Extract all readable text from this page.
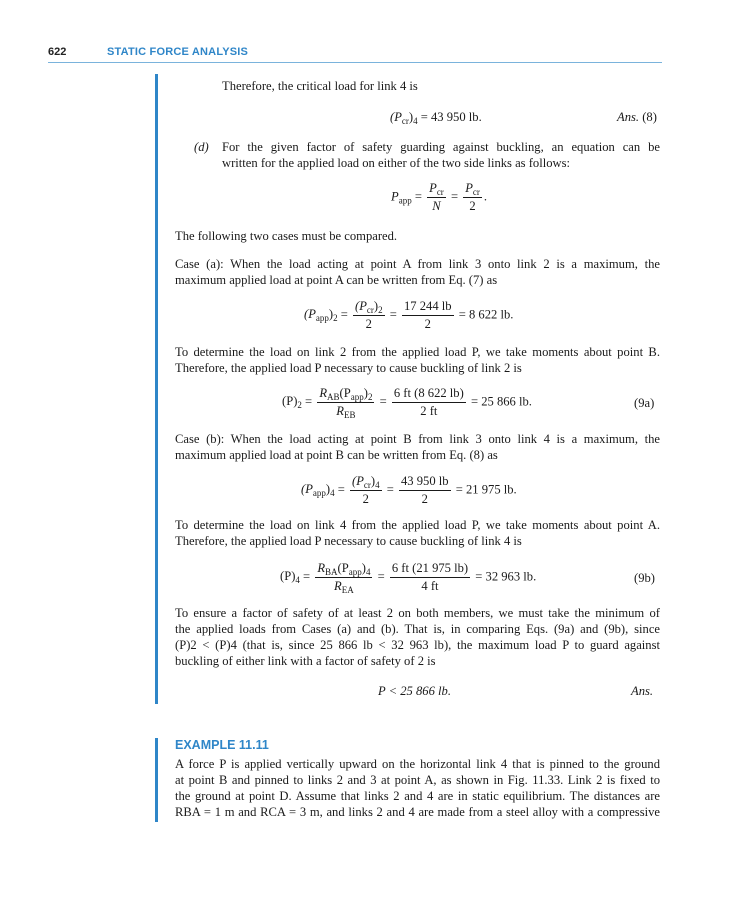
622	STATIC FORCE ANALYSIS
Therefore, the critical load for link 4 is
$(P_{cr})_4 = 43$ 950 lb.	Ans. (8)
(d) For the given factor of safety guarding against buckling, an equation can be
written for the applied load on either of the two side links as follows:
$P_{app} = \frac{P_{cr}}{N} = \frac{P_{cr}}{2}$ .
The following two cases must be compared.
Case (a): When the load acting at point A from link 3 onto link 2 is a maximum, the
maximum applied load at point A can be written from Eq. (7) as
$(P_{app})_2 = \frac{(P_{cr})_2}{2} = \frac{17 244 lb}{2} = 8$ 622 lb.
To determine the load on link 2 from the applied load P, we take moments about point B.
Therefore, the applied load P necessary to cause buckling of link 2 is
$(P)_2 = \frac{R_{AB}(P_{app})_2}{R_{EB}} = \frac{6 ft (8 622 lb)}{2 ft} = 25$ 866 lb.	(9a)
Case (b): When the load acting at point B from link 3 onto link 4 is a maximum, the
maximum applied load at point B can be written from Eq. (8) as
$(P_{app})_4 = \frac{(P_{cr})_4}{2} = \frac{43 950 lb}{2} = 21$ 975 lb.
To determine the load on link 4 from the applied load P, we take moments about point A.
Therefore, the applied load P necessary to cause buckling of link 4 is
$(P)_4 = \frac{R_{BA}(P_{app})_4}{R_{EA}} = \frac{6 ft (21 975 lb)}{4 ft} = 32$ 963 lb.	(9b)
To ensure a factor of safety of at least 2 on both members, we must take the minimum of
the applied loads from Cases (a) and (b). That is, in comparing Eqs. (9a) and (9b), since
(P)2 < (P)4 (that is, since 25 866 lb < 32 963 lb), the maximum load P to guard against
buckling of either link with a factor of safety of 2 is
P < 25 866 lb.	Ans.
EXAMPLE 11.11
A force P is applied vertically upward on the horizontal link 4 that is pinned to the ground
at point B and pinned to links 2 and 3 at point A, as shown in Fig. 11.33. Link 2 is fixed to
the ground at point D. Assume that links 2 and 4 are in static equilibrium. The distances are
RBA = 1 m and RCA = 3 m, and links 2 and 4 are made from a steel alloy with a compressive
